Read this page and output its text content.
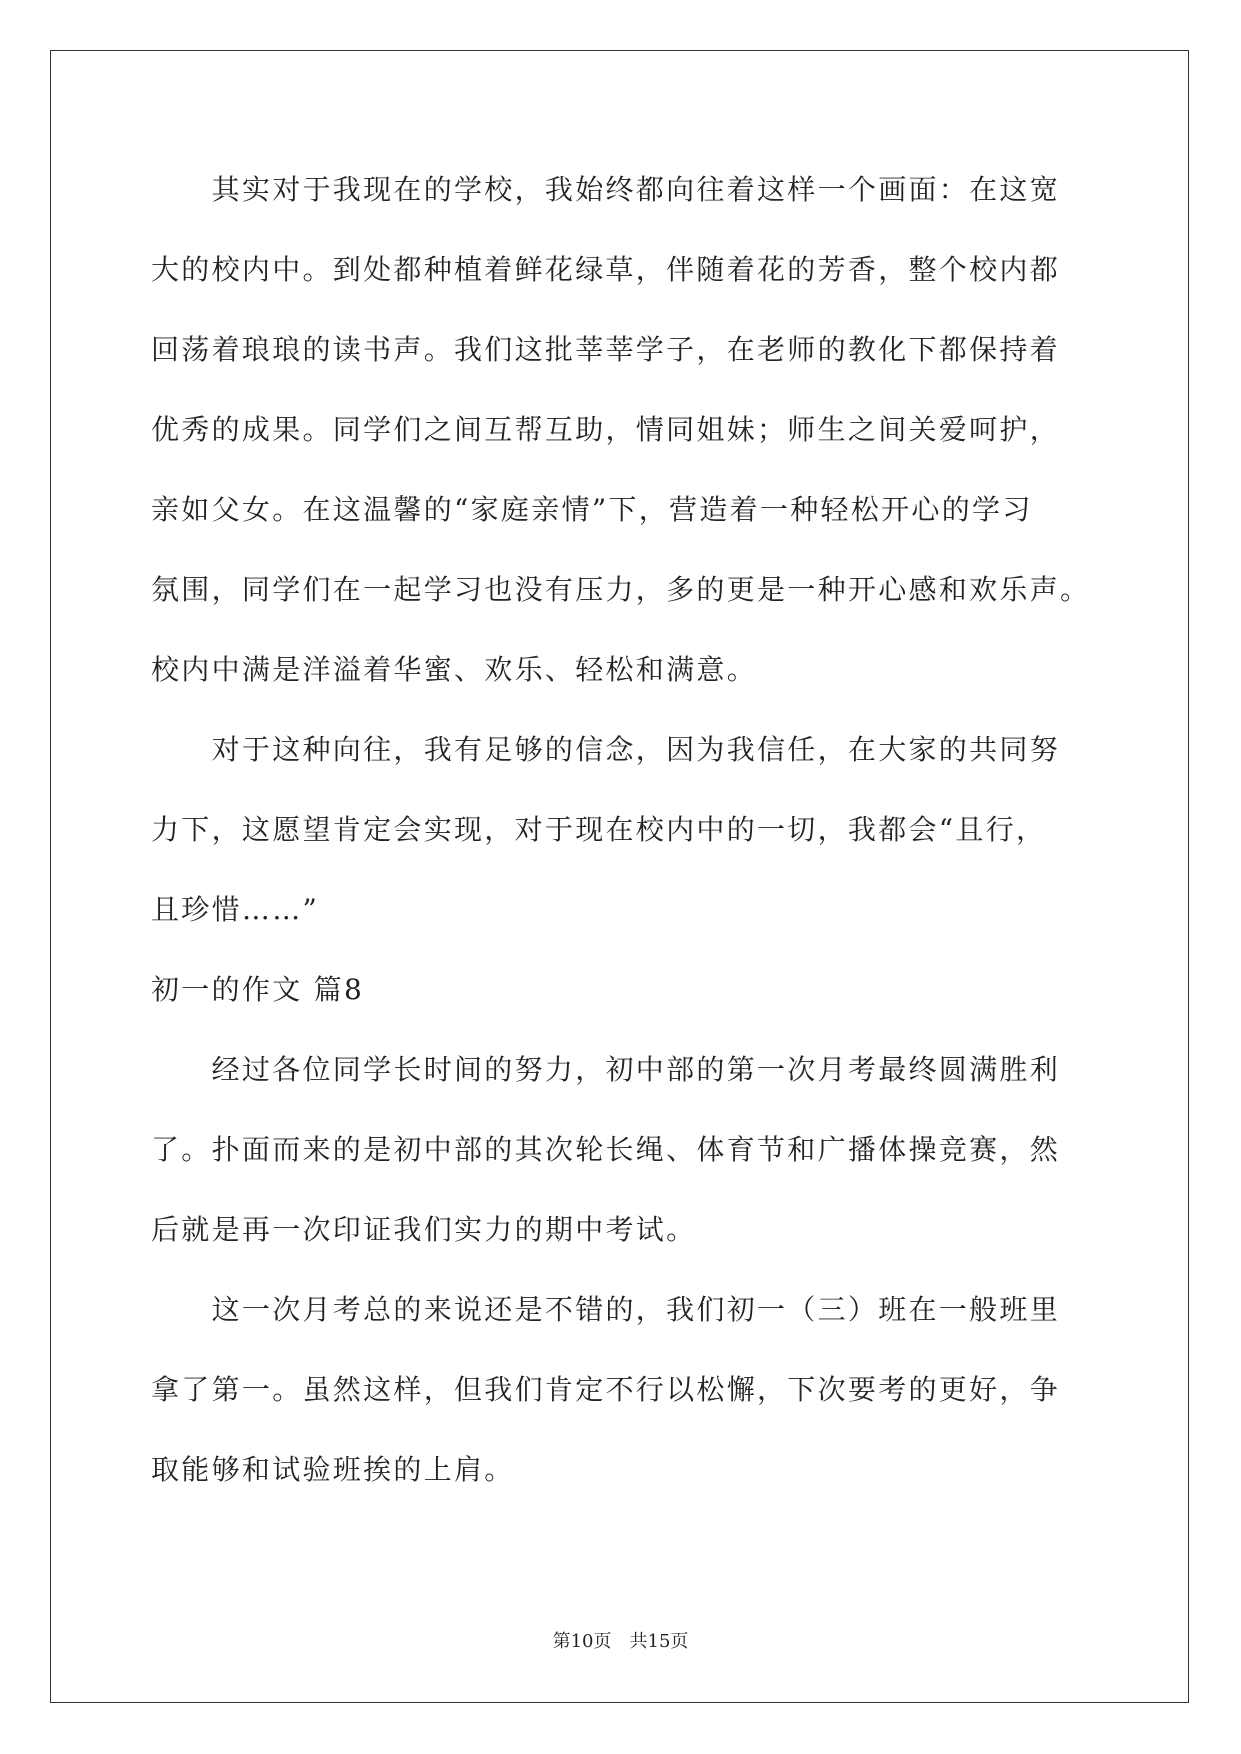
　　其实对于我现在的学校，我始终都向往着这样一个画面：在这宽

大的校内中。到处都种植着鲜花绿草，伴随着花的芳香，整个校内都

回荡着琅琅的读书声。我们这批莘莘学子，在老师的教化下都保持着

优秀的成果。同学们之间互帮互助，情同姐妹；师生之间关爱呵护，

亲如父女。在这温馨的“家庭亲情”下，营造着一种轻松开心的学习

氛围，同学们在一起学习也没有压力，多的更是一种开心感和欢乐声。

校内中满是洋溢着华蜜、欢乐、轻松和满意。

　　对于这种向往，我有足够的信念，因为我信任，在大家的共同努

力下，这愿望肯定会实现，对于现在校内中的一切，我都会“且行，

且珍惜……”

初一的作文 篇8

　　经过各位同学长时间的努力，初中部的第一次月考最终圆满胜利

了。扑面而来的是初中部的其次轮长绳、体育节和广播体操竞赛，然

后就是再一次印证我们实力的期中考试。

　　这一次月考总的来说还是不错的，我们初一（三）班在一般班里

拿了第一。虽然这样，但我们肯定不行以松懈，下次要考的更好，争

取能够和试验班挨的上肩。

第10页　共15页
